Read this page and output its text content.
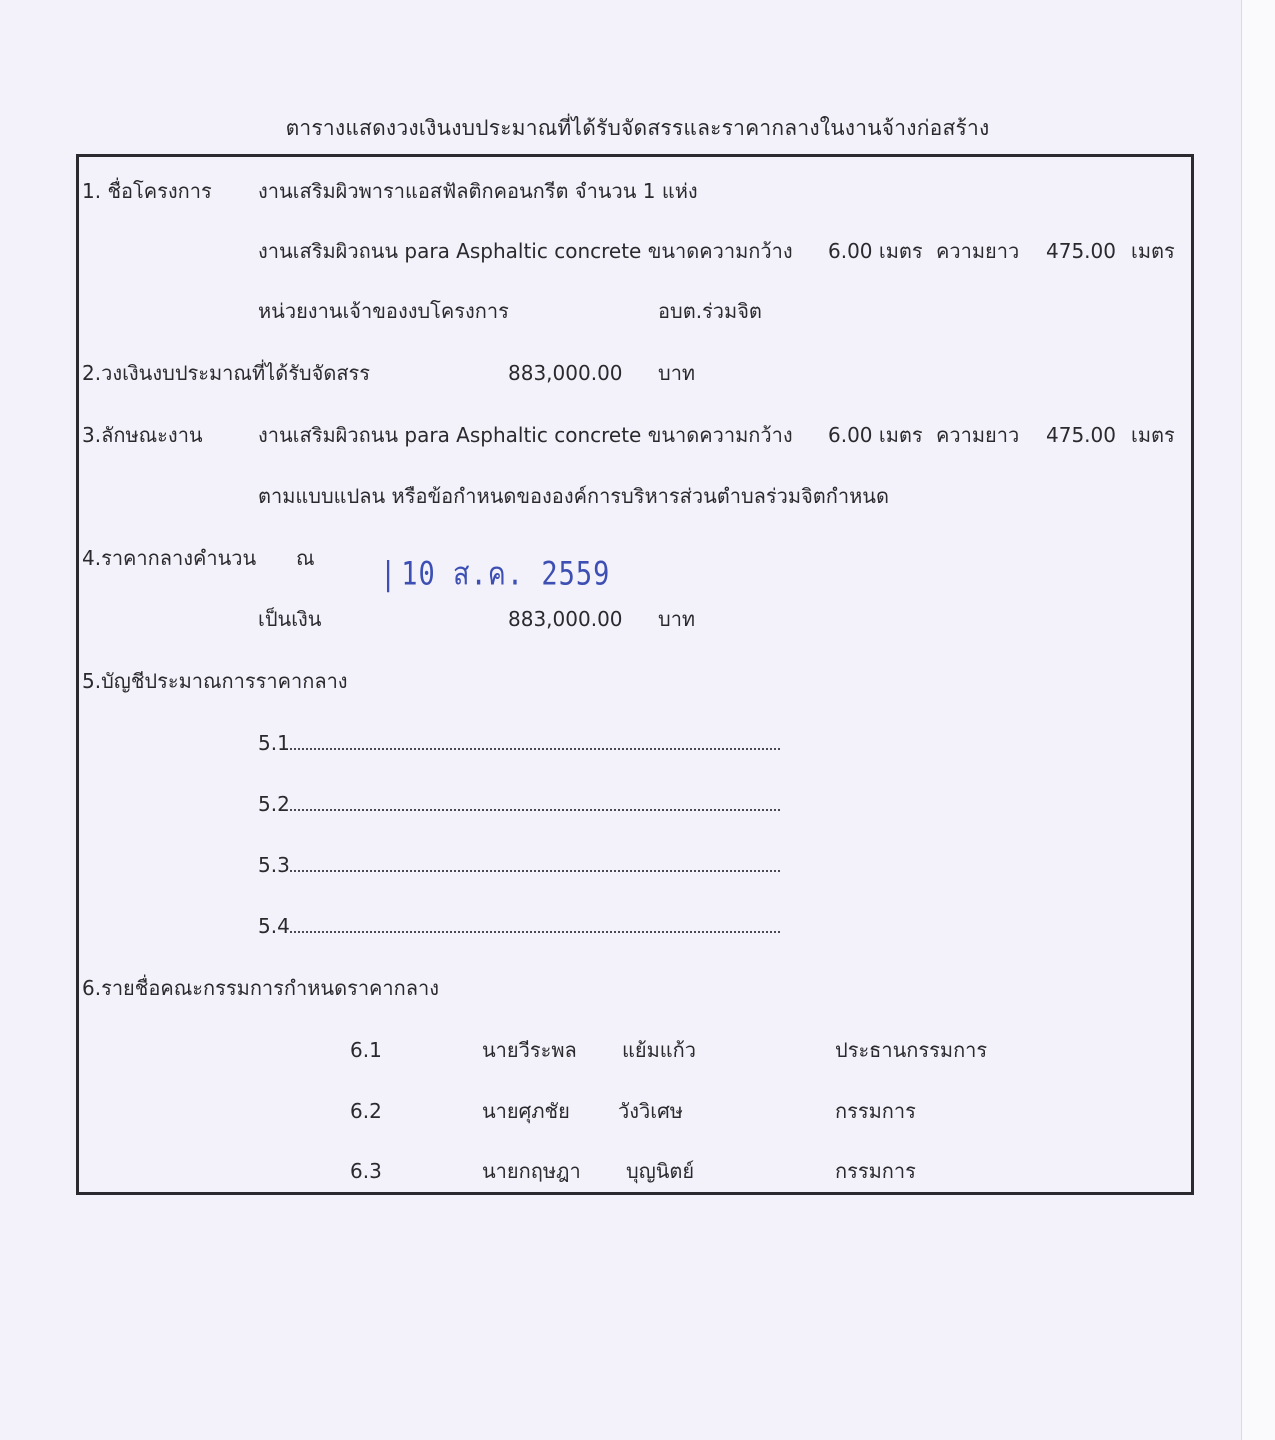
ตารางแสดงวงเงินงบประมาณที่ได้รับจัดสรรและราคากลางในงานจ้างก่อสร้าง
1. ชื่อโครงการ งานเสริมผิวพาราแอสฟัลติกคอนกรีต จำนวน 1 แห่ง
งานเสริมผิวถนน para Asphaltic concrete ขนาดความกว้าง 6.00 เมตร ความยาว 475.00 เมตร
หน่วยงานเจ้าของงบโครงการ	อบต.ร่วมจิต
2.วงเงินงบประมาณที่ได้รับจัดสรร	883,000.00 บาท
3.ลักษณะงาน	งานเสริมผิวถนน para Asphaltic concrete ขนาดความกว้าง 6.00 เมตร ความยาว 475.00 เมตร
ตามแบบแปลน หรือข้อกำหนดขององค์การบริหารส่วนตำบลร่วมจิตกำหนด
4.ราคากลางคำนวน ณ | 10 ส.ค. 2559
เป็นเงิน	883,000.00 บาท
5.บัญชีประมาณการราคากลาง
5.1
5.2
5.3
5.4
6.รายชื่อคณะกรรมการกำหนดราคากลาง
6.1	นายวีระพล แย้มแก้ว	ประธานกรรมการ
6.2	นายศุภชัย วังวิเศษ	กรรมการ
6.3	นายกฤษฎา บุญนิตย์	กรรมการ
